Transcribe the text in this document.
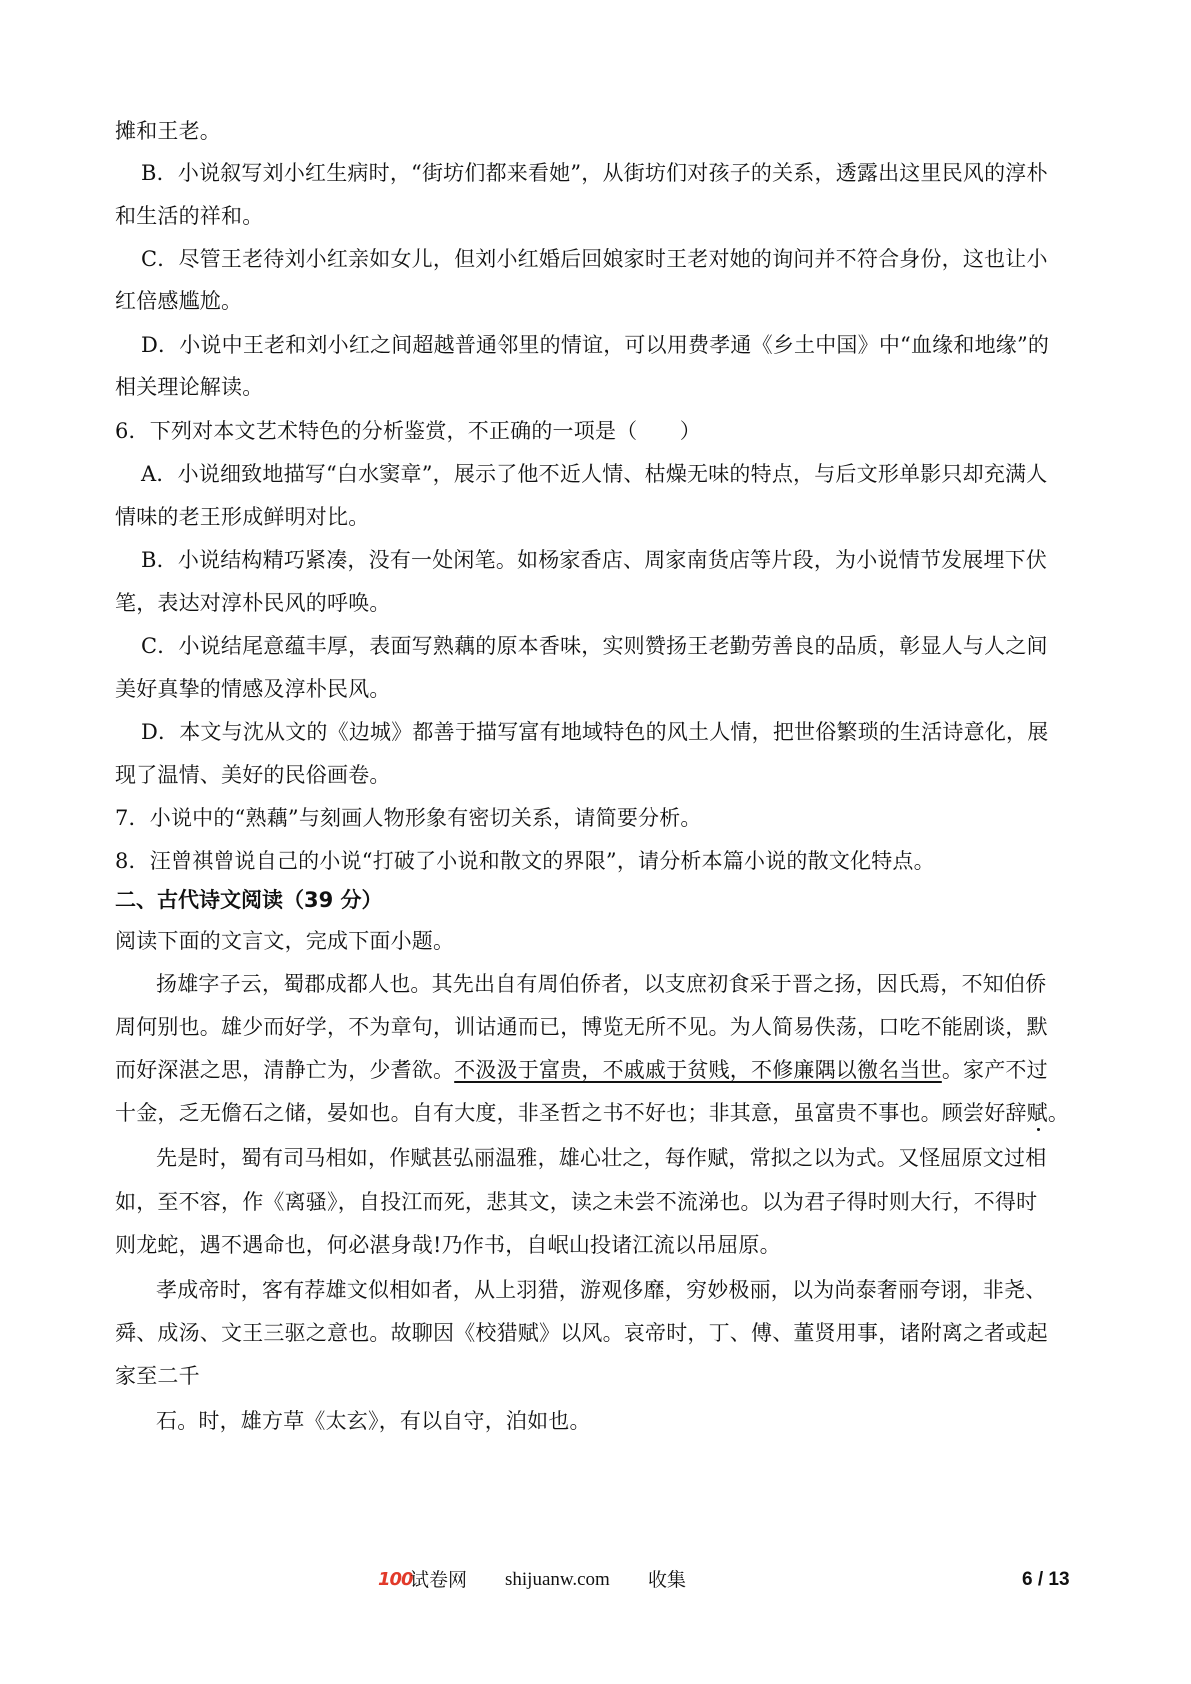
摊和王老。
B．小说叙写刘小红生病时，“街坊们都来看她”，从街坊们对孩子的关系，透露出这里民风的淳朴
和生活的祥和。
C．尽管王老待刘小红亲如女儿，但刘小红婚后回娘家时王老对她的询问并不符合身份，这也让小
红倍感尴尬。
D．小说中王老和刘小红之间超越普通邻里的情谊，可以用费孝通《乡土中国》中“血缘和地缘”的
相关理论解读。
6．下列对本文艺术特色的分析鉴赏，不正确的一项是（　　）
A．小说细致地描写“白水窦章”，展示了他不近人情、枯燥无味的特点，与后文形单影只却充满人
情味的老王形成鲜明对比。
B．小说结构精巧紧凑，没有一处闲笔。如杨家香店、周家南货店等片段，为小说情节发展埋下伏
笔，表达对淳朴民风的呼唤。
C．小说结尾意蕴丰厚，表面写熟藕的原本香味，实则赞扬王老勤劳善良的品质，彰显人与人之间
美好真挚的情感及淳朴民风。
D．本文与沈从文的《边城》都善于描写富有地域特色的风土人情，把世俗繁琐的生活诗意化，展
现了温情、美好的民俗画卷。
7．小说中的“熟藕”与刻画人物形象有密切关系，请简要分析。
8．汪曾祺曾说自己的小说“打破了小说和散文的界限”，请分析本篇小说的散文化特点。
二、古代诗文阅读（39 分）
阅读下面的文言文，完成下面小题。
扬雄字子云，蜀郡成都人也。其先出自有周伯侨者，以支庶初食采于晋之扬，因氏焉，不知伯侨
周何别也。雄少而好学，不为章句，训诂通而已，博览无所不见。为人简易佚荡，口吃不能剧谈，默
而好深湛之思，清静亡为，少耆欲。不汲汲于富贵，不戚戚于贫贱，不修廉隅以徼名当世。家产不过
十金，乏无儋石之储，晏如也。自有大度，非圣哲之书不好也；非其意，虽富贵不事也。顾尝好辞赋。
先是时，蜀有司马相如，作赋甚弘丽温雅，雄心壮之，每作赋，常拟之以为式。又怪屈原文过相
如，至不容，作《离骚》，自投江而死，悲其文，读之未尝不流涕也。以为君子得时则大行，不得时
则龙蛇，遇不遇命也，何必湛身哉!乃作书，自岷山投诸江流以吊屈原。
孝成帝时，客有荐雄文似相如者，从上羽猎，游观侈靡，穷妙极丽，以为尚泰奢丽夸诩，非尧、
舜、成汤、文王三驱之意也。故聊因《校猎赋》以风。哀帝时，丁、傅、董贤用事，诸附离之者或起
家至二千
石。时，雄方草《太玄》，有以自守，泊如也。
100
试卷网 shijuanw.com 收集	6 / 13
